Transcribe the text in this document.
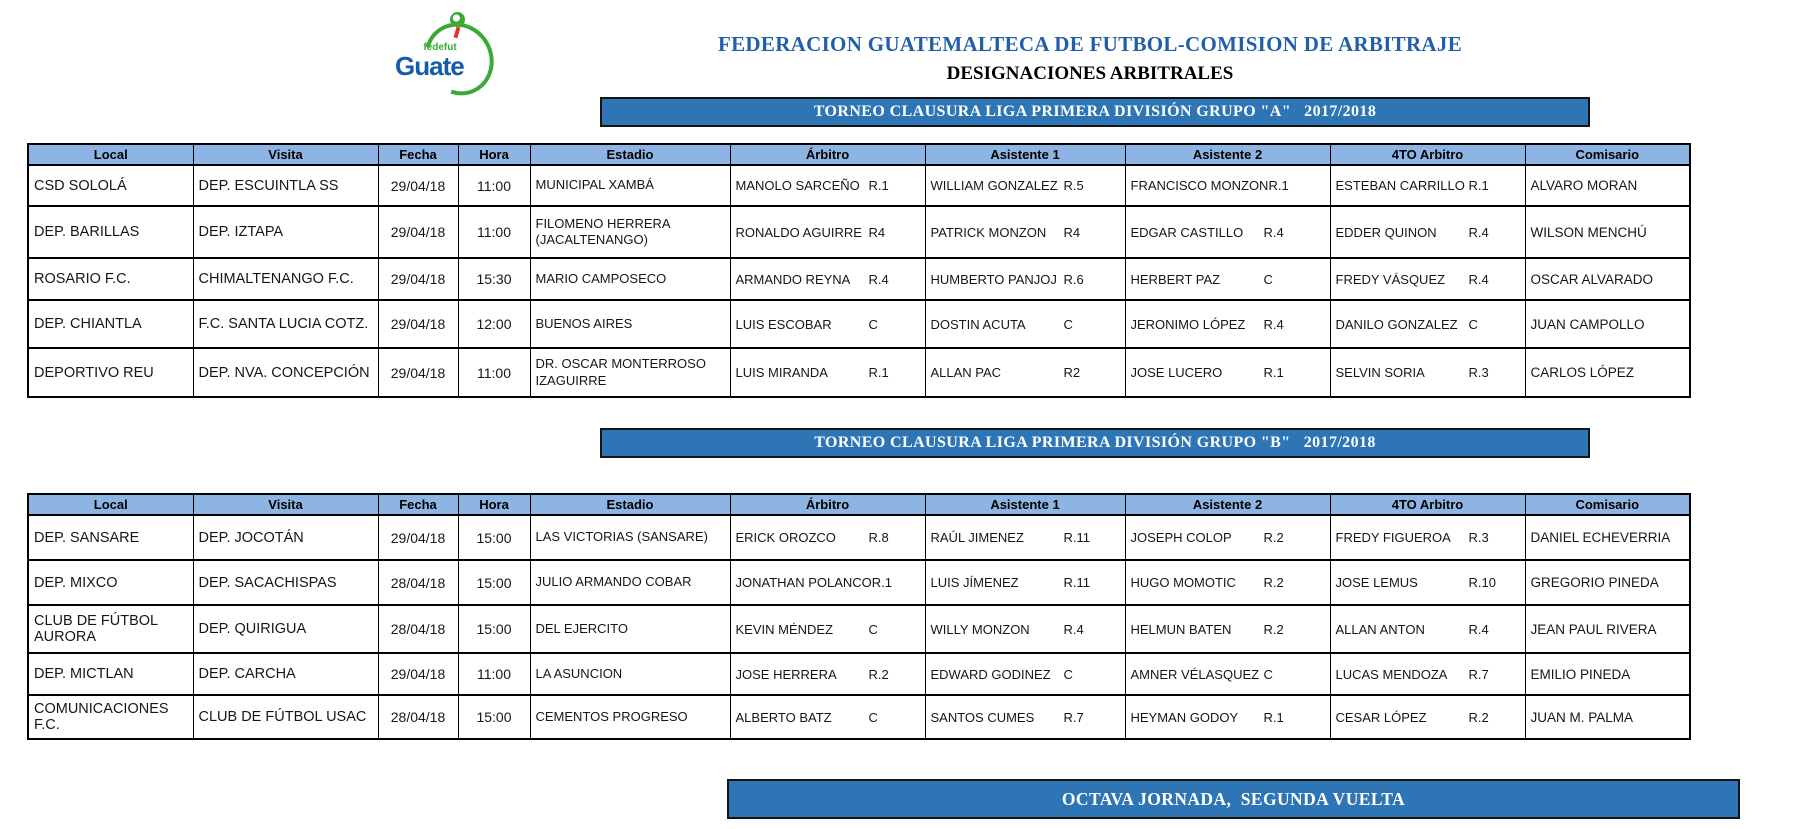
fedefut
Guate
FEDERACION GUATEMALTECA DE FUTBOL-COMISION DE ARBITRAJE
DESIGNACIONES ARBITRALES
TORNEO CLAUSURA LIGA PRIMERA DIVISIÓN GRUPO "A"   2017/2018
TORNEO CLAUSURA LIGA PRIMERA DIVISIÓN GRUPO "B"   2017/2018
Local	Visita	Fecha	Hora	Estadio	Árbitro	Asistente 1	Asistente 2	4TO Arbitro	Comisario
CSD SOLOLÁ	DEP. ESCUINTLA SS	29/04/18	11:00	MUNICIPAL XAMBÁ	MANOLO SARCEÑO R.1	WILLIAM GONZALEZ R.5	FRANCISCO MONZONR.1	ESTEBAN CARRILLO R.1	ALVARO MORAN
DEP. BARILLAS	DEP. IZTAPA	29/04/18	11:00	FILOMENO HERRERA (JACALTENANGO)	RONALDO AGUIRRE R4	PATRICK MONZON R4	EDGAR CASTILLO R.4	EDDER QUINON R.4	WILSON MENCHÚ
ROSARIO F.C.	CHIMALTENANGO F.C.	29/04/18	15:30	MARIO CAMPOSECO	ARMANDO REYNA R.4	HUMBERTO PANJOJ R.6	HERBERT PAZ C	FREDY VÁSQUEZ R.4	OSCAR ALVARADO
DEP. CHIANTLA	F.C. SANTA LUCIA COTZ.	29/04/18	12:00	BUENOS AIRES	LUIS ESCOBAR C	DOSTIN ACUTA C	JERONIMO LÓPEZ R.4	DANILO GONZALEZ C	JUAN CAMPOLLO
DEPORTIVO REU	DEP. NVA. CONCEPCIÓN	29/04/18	11:00	DR. OSCAR MONTERROSO IZAGUIRRE	LUIS MIRANDA R.1	ALLAN PAC R2	JOSE LUCERO R.1	SELVIN SORIA R.3	CARLOS LÓPEZ
Local	Visita	Fecha	Hora	Estadio	Árbitro	Asistente 1	Asistente 2	4TO Arbitro	Comisario
DEP. SANSARE	DEP. JOCOTÁN	29/04/18	15:00	LAS VICTORIAS (SANSARE)	ERICK OROZCO R.8	RAÚL JIMENEZ R.11	JOSEPH COLOP R.2	FREDY FIGUEROA R.3	DANIEL ECHEVERRIA
DEP. MIXCO	DEP. SACACHISPAS	28/04/18	15:00	JULIO ARMANDO COBAR	JONATHAN POLANCOR.1	LUIS JÍMENEZ R.11	HUGO MOMOTIC R.2	JOSE LEMUS R.10	GREGORIO PINEDA
CLUB DE FÚTBOL AURORA	DEP. QUIRIGUA	28/04/18	15:00	DEL EJERCITO	KEVIN MÉNDEZ C	WILLY MONZON R.4	HELMUN BATEN R.2	ALLAN ANTON R.4	JEAN PAUL RIVERA
DEP. MICTLAN	DEP. CARCHA	29/04/18	11:00	LA ASUNCION	JOSE HERRERA R.2	EDWARD GODINEZ C	AMNER VÉLASQUEZ C	LUCAS MENDOZA R.7	EMILIO PINEDA
COMUNICACIONES F.C.	CLUB DE FÚTBOL USAC	28/04/18	15:00	CEMENTOS PROGRESO	ALBERTO BATZ C	SANTOS CUMES R.7	HEYMAN GODOY R.1	CESAR LÓPEZ R.2	JUAN M. PALMA
OCTAVA JORNADA,  SEGUNDA VUELTA
